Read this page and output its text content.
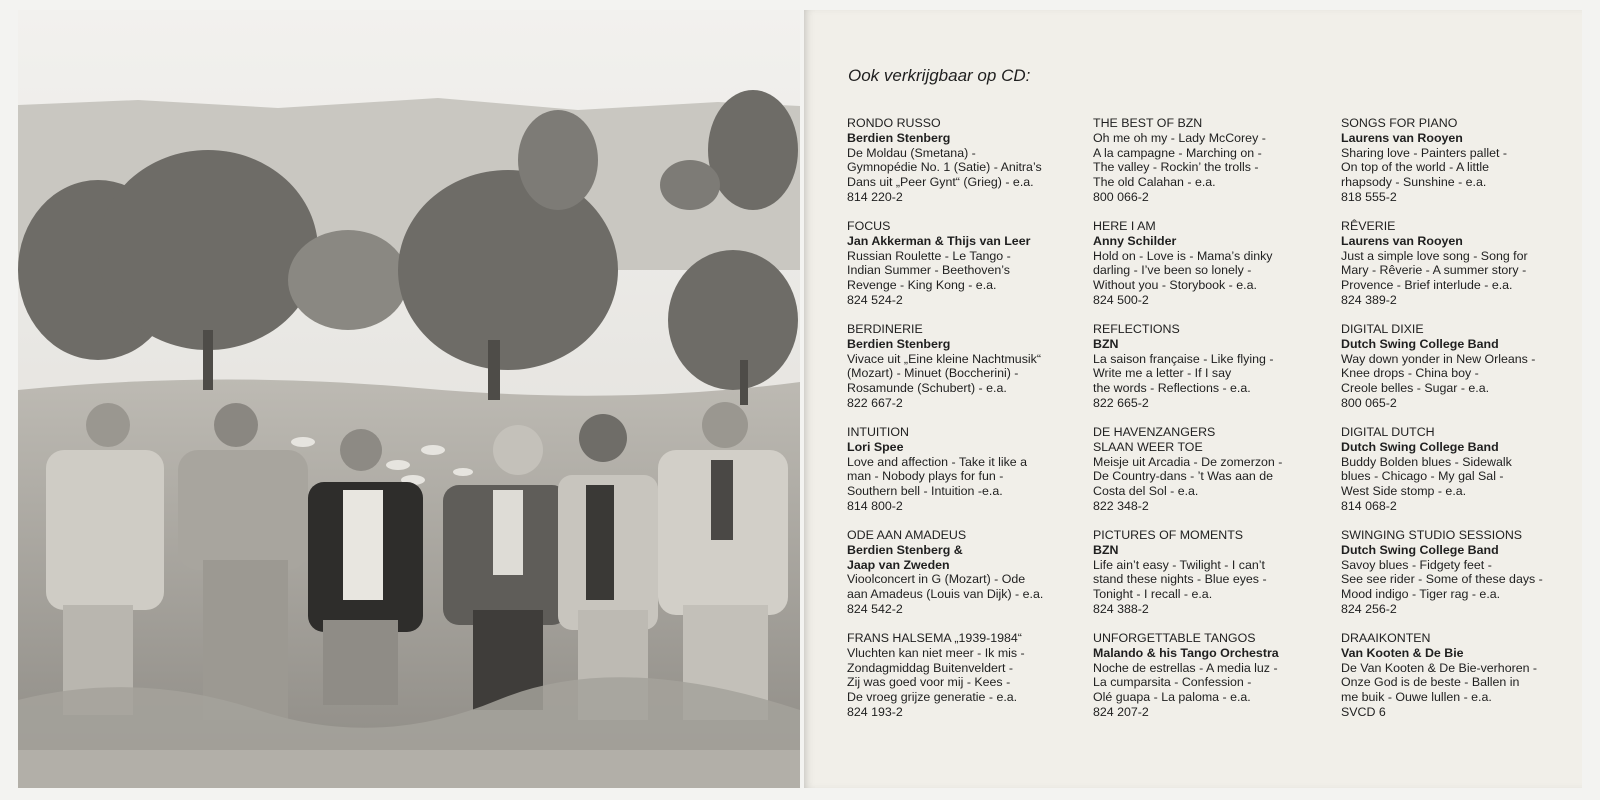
Ook verkrijgbaar op CD:
RONDO RUSSO
Berdien Stenberg
De Moldau (Smetana) -
Gymnopédie No. 1 (Satie) - Anitra’s
Dans uit „Peer Gynt“ (Grieg) - e.a.
814 220-2
FOCUS
Jan Akkerman & Thijs van Leer
Russian Roulette - Le Tango -
Indian Summer - Beethoven’s
Revenge - King Kong - e.a.
824 524-2
BERDINERIE
Berdien Stenberg
Vivace uit „Eine kleine Nachtmusik“
(Mozart) - Minuet (Boccherini) -
Rosamunde (Schubert) - e.a.
822 667-2
INTUITION
Lori Spee
Love and affection - Take it like a
man - Nobody plays for fun -
Southern bell - Intuition -e.a.
814 800-2
ODE AAN AMADEUS
Berdien Stenberg &
Jaap van Zweden
Vioolconcert in G (Mozart) - Ode
aan Amadeus (Louis van Dijk) - e.a.
824 542-2
FRANS HALSEMA „1939-1984“
Vluchten kan niet meer - Ik mis -
Zondagmiddag Buitenveldert -
Zij was goed voor mij - Kees -
De vroeg grijze generatie - e.a.
824 193-2
THE BEST OF BZN
Oh me oh my - Lady McCorey -
A la campagne - Marching on -
The valley - Rockin’ the trolls -
The old Calahan - e.a.
800 066-2
HERE I AM
Anny Schilder
Hold on - Love is - Mama’s dinky
darling - I’ve been so lonely -
Without you - Storybook - e.a.
824 500-2
REFLECTIONS
BZN
La saison française - Like flying -
Write me a letter - If I say
the words - Reflections - e.a.
822 665-2
DE HAVENZANGERS
SLAAN WEER TOE
Meisje uit Arcadia - De zomerzon -
De Country-dans - ’t Was aan de
Costa del Sol - e.a.
822 348-2
PICTURES OF MOMENTS
BZN
Life ain’t easy - Twilight - I can’t
stand these nights - Blue eyes -
Tonight - I recall - e.a.
824 388-2
UNFORGETTABLE TANGOS
Malando & his Tango Orchestra
Noche de estrellas - A media luz -
La cumparsita - Confession -
Olé guapa - La paloma - e.a.
824 207-2
SONGS FOR PIANO
Laurens van Rooyen
Sharing love - Painters pallet -
On top of the world - A little
rhapsody - Sunshine - e.a.
818 555-2
RÊVERIE
Laurens van Rooyen
Just a simple love song - Song for
Mary - Rêverie - A summer story -
Provence - Brief interlude - e.a.
824 389-2
DIGITAL DIXIE
Dutch Swing College Band
Way down yonder in New Orleans -
Knee drops - China boy -
Creole belles - Sugar - e.a.
800 065-2
DIGITAL DUTCH
Dutch Swing College Band
Buddy Bolden blues - Sidewalk
blues - Chicago - My gal Sal -
West Side stomp - e.a.
814 068-2
SWINGING STUDIO SESSIONS
Dutch Swing College Band
Savoy blues - Fidgety feet -
See see rider - Some of these days -
Mood indigo - Tiger rag - e.a.
824 256-2
DRAAIKONTEN
Van Kooten & De Bie
De Van Kooten & De Bie-verhoren -
Onze God is de beste - Ballen in
me buik - Ouwe lullen - e.a.
SVCD 6
